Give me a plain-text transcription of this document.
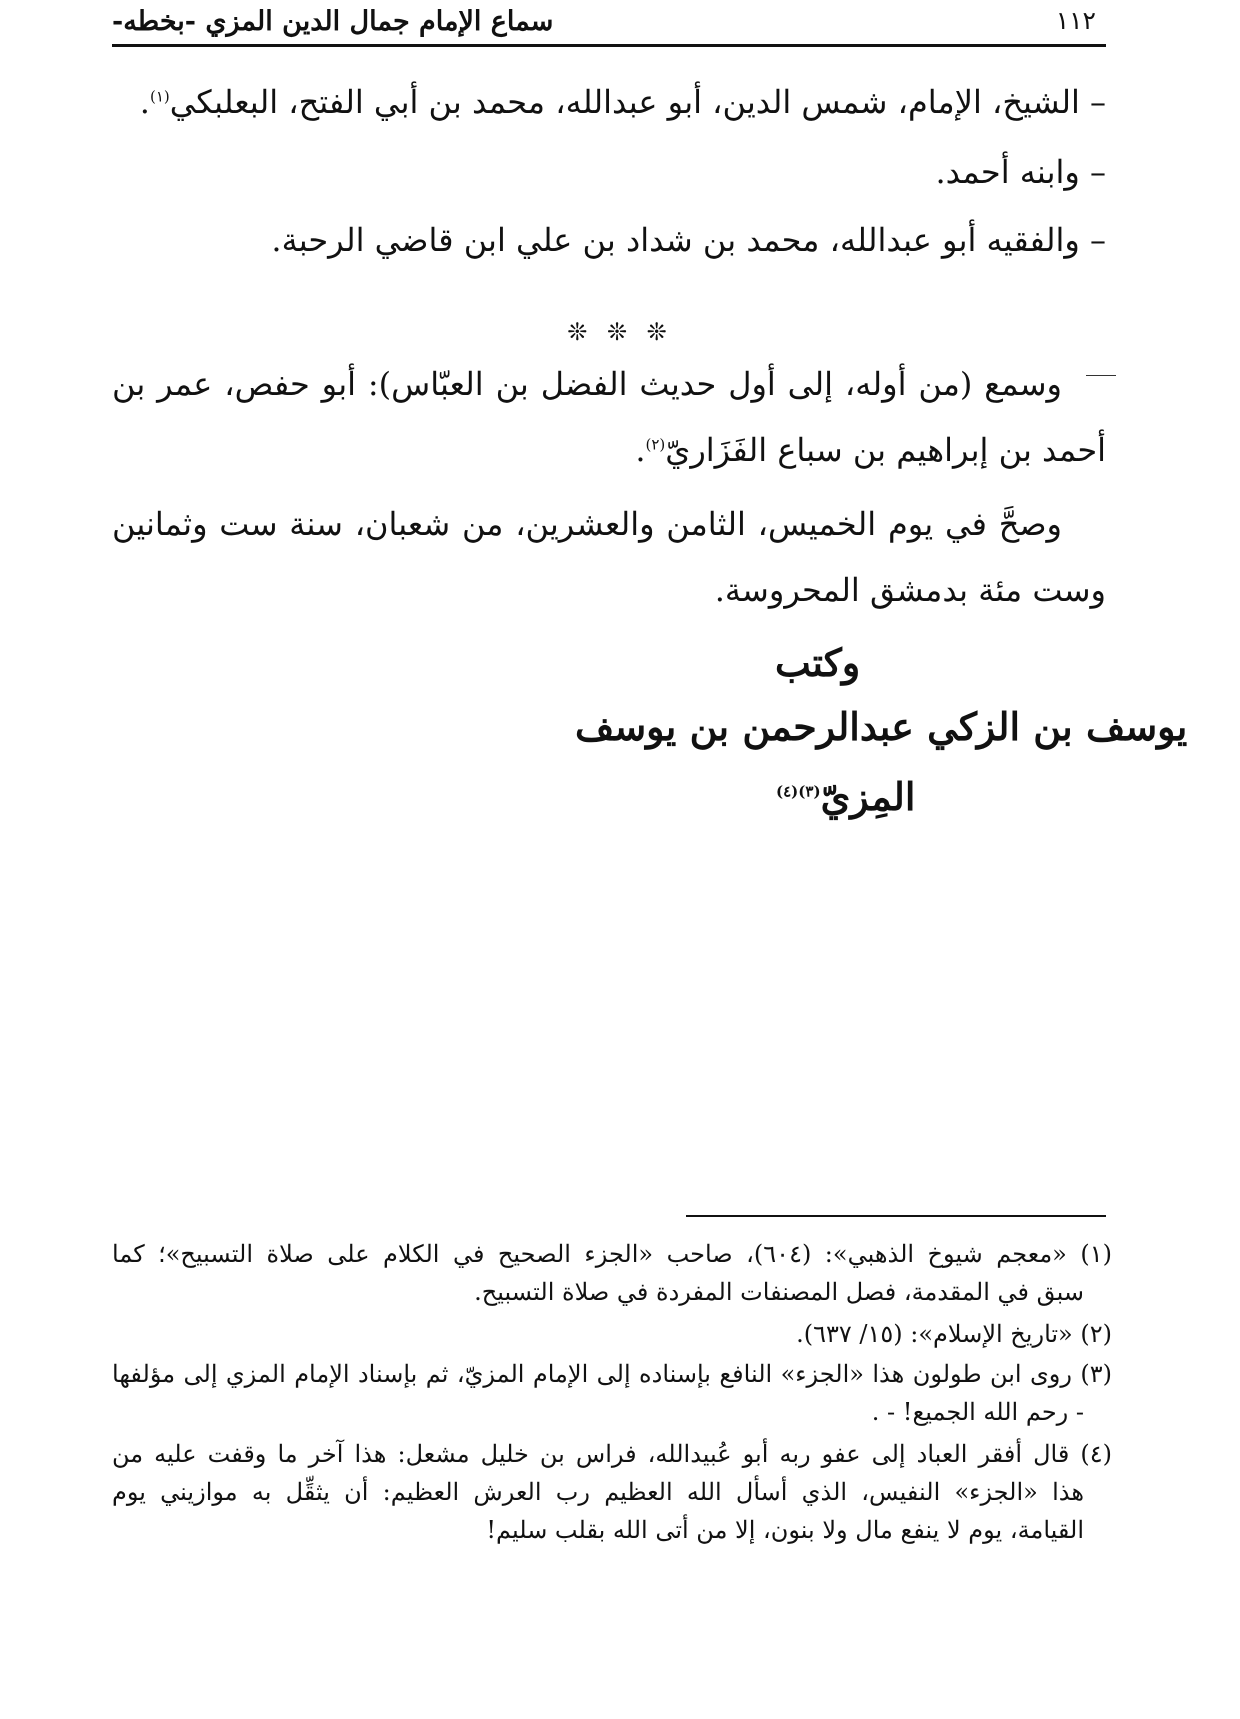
١١٢
سماع الإمام جمال الدين المزي -بخطه-
– الشيخ، الإمام، شمس الدين، أبو عبدالله، محمد بن أبي الفتح، البعلبكي$^{(١)}$.
– وابنه أحمد.
– والفقيه أبو عبدالله، محمد بن شداد بن علي ابن قاضي الرحبة.
❊ ❊ ❊
وسمع (من أوله، إلى أول حديث الفضل بن العبّاس): أبو حفص، عمر بن
أحمد بن إبراهيم بن سباع الفَزَاريّ$^{(٢)}$.
وصحَّ في يوم الخميس، الثامن والعشرين، من شعبان، سنة ست وثمانين
وست مئة بدمشق المحروسة.
وكتب
يوسف بن الزكي عبدالرحمن بن يوسف
المِزيّ$^{(٣)(٤)}$
(١) «معجم شيوخ الذهبي»: (٦٠٤)، صاحب «الجزء الصحيح في الكلام على صلاة التسبيح»؛ كما
سبق في المقدمة، فصل المصنفات المفردة في صلاة التسبيح.
(٢) «تاريخ الإسلام»: (١٥/ ٦٣٧).
(٣) روى ابن طولون هذا «الجزء» النافع بإسناده إلى الإمام المزيّ، ثم بإسناد الإمام المزي إلى مؤلفها
- رحم الله الجميع! - .
(٤) قال أفقر العباد إلى عفو ربه أبو عُبيدالله، فراس بن خليل مشعل: هذا آخر ما وقفت عليه من
هذا «الجزء» النفيس، الذي أسأل الله العظيم رب العرش العظيم: أن يثقِّل به موازيني يوم
القيامة، يوم لا ينفع مال ولا بنون، إلا من أتى الله بقلب سليم!
